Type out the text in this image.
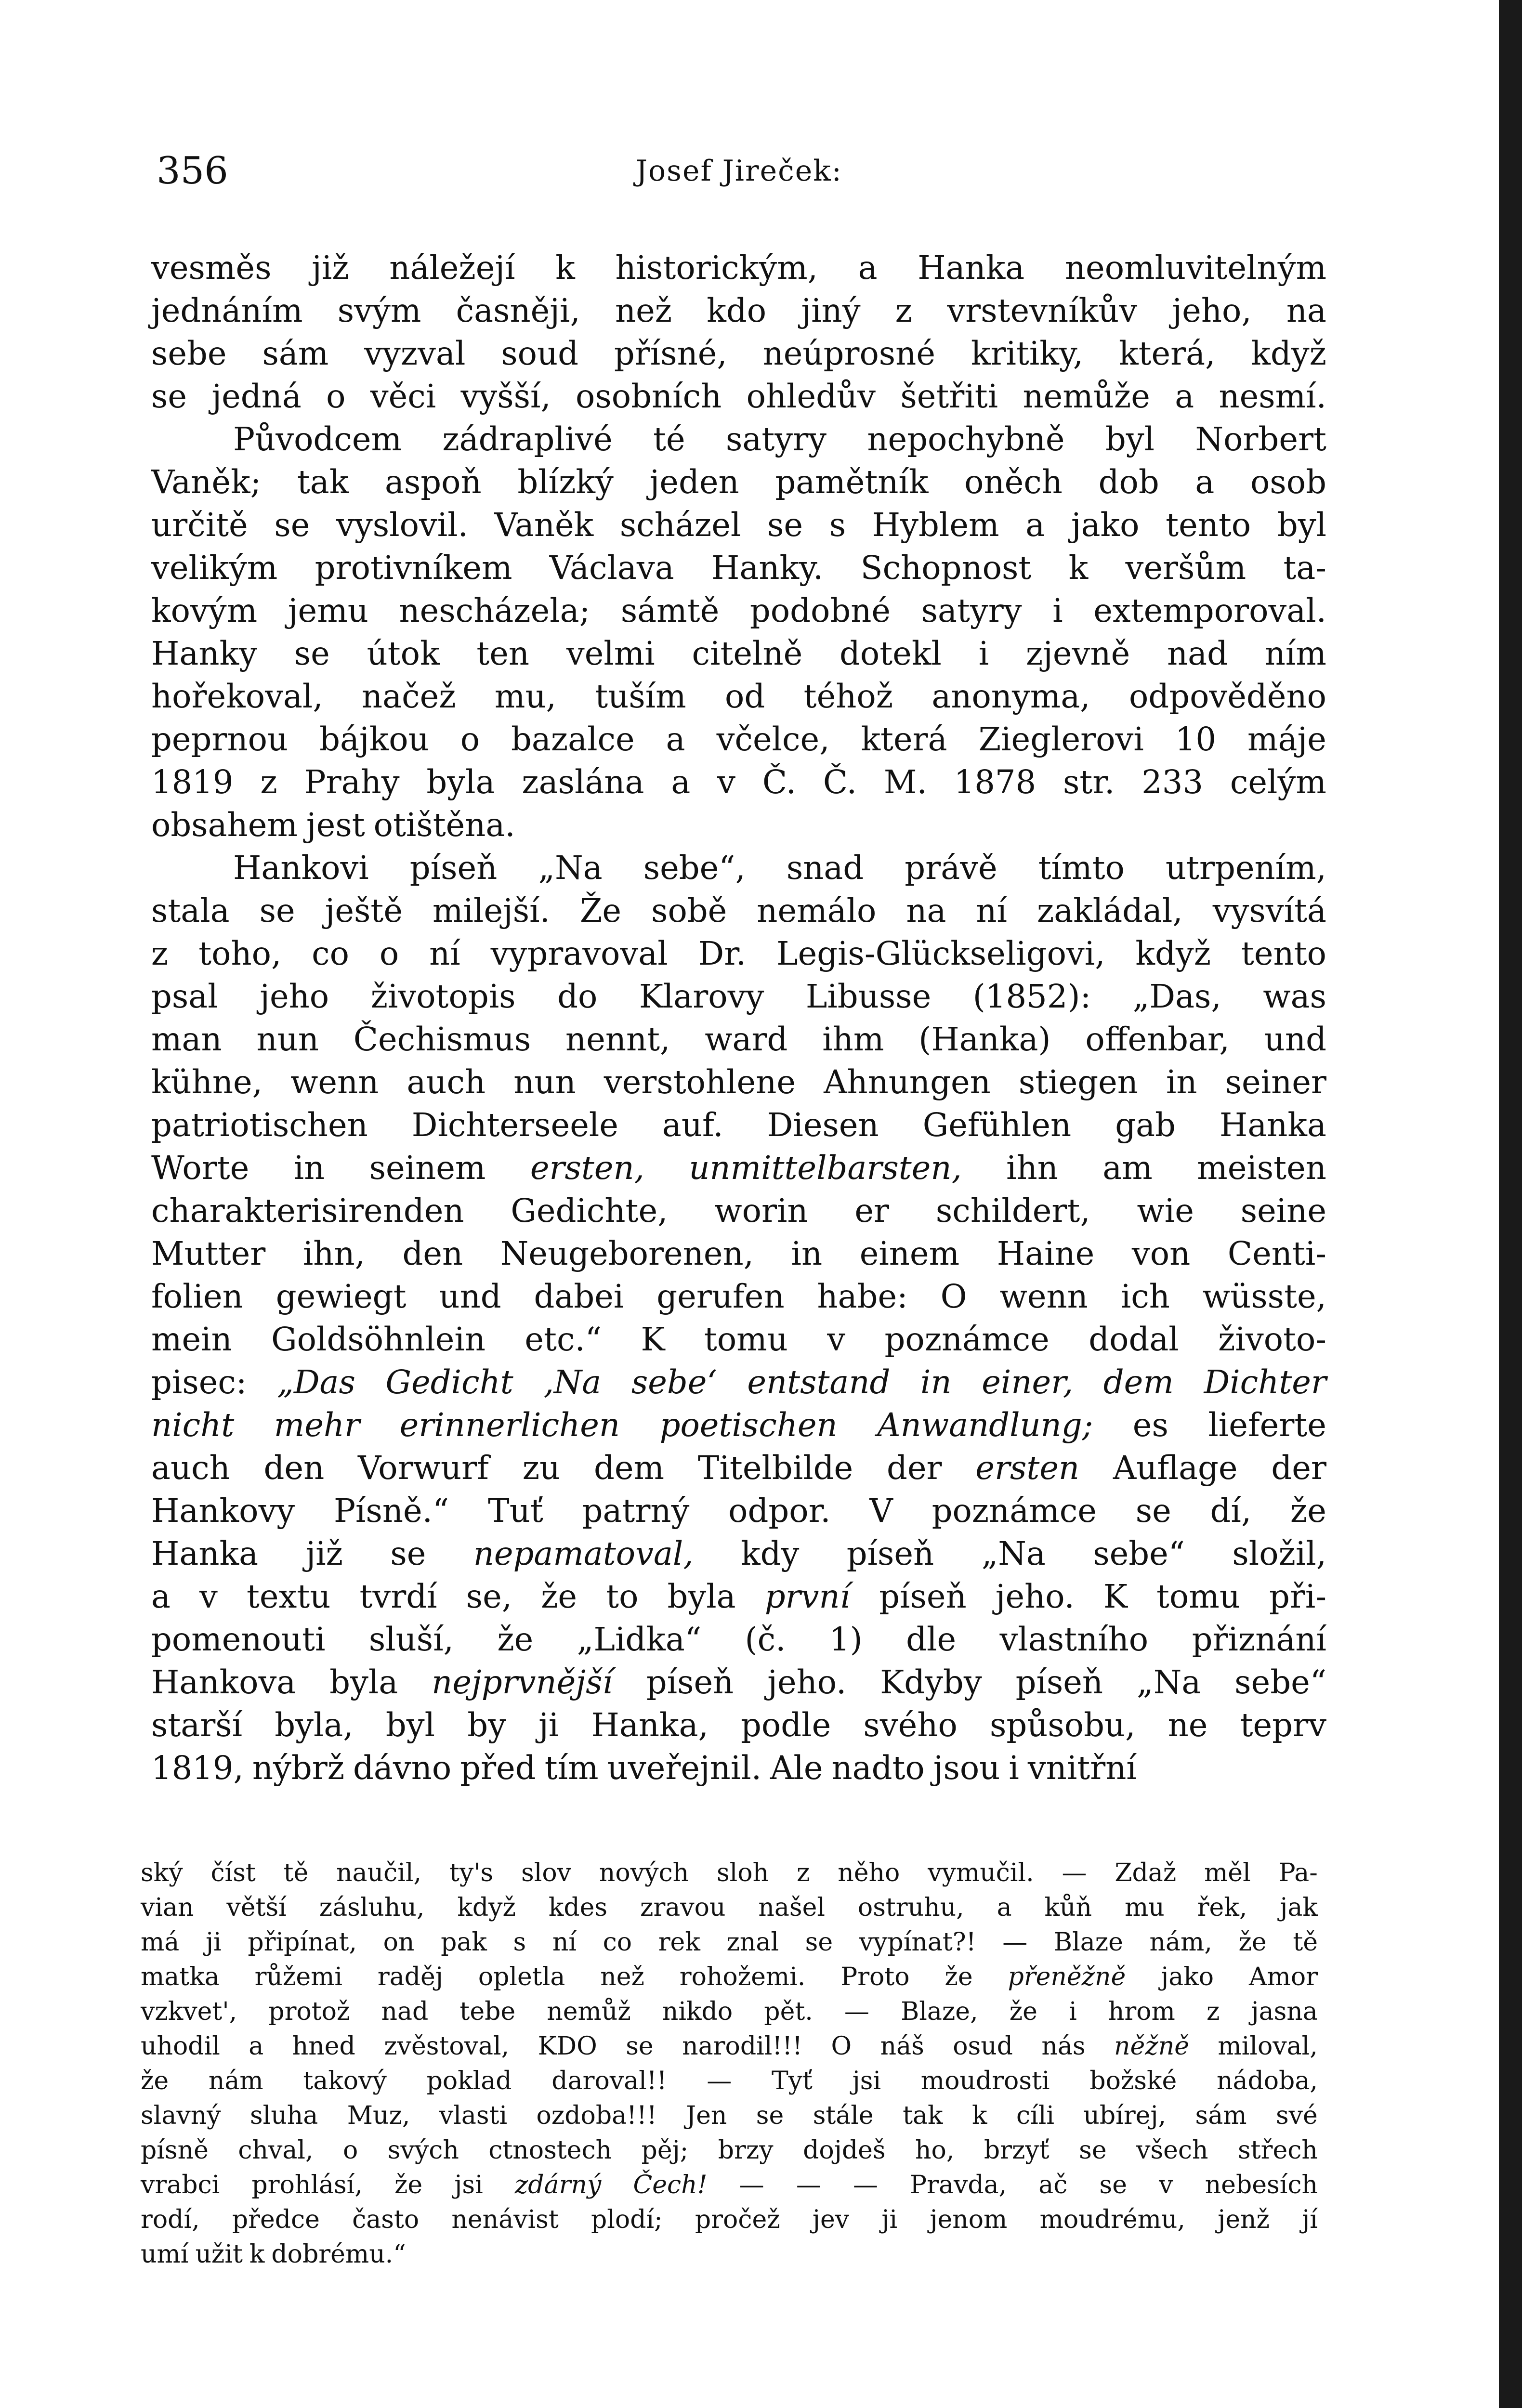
356	Josef Jireček:
vesměs již náležejí k historickým, a Hanka neomluvitelným
jednáním svým časněji, než kdo jiný z vrstevníkův jeho, na
sebe sám vyzval soud přísné, neúprosné kritiky, která, když
se jedná o věci vyšší, osobních ohledův šetřiti nemůže a nesmí.
Původcem zádraplivé té satyry nepochybně byl Norbert
Vaněk; tak aspoň blízký jeden pamětník oněch dob a osob
určitě se vyslovil. Vaněk scházel se s Hyblem a jako tento byl
velikým protivníkem Václava Hanky. Schopnost k veršům ta-
kovým jemu nescházela; sámtě podobné satyry i extemporoval.
Hanky se útok ten velmi citelně dotekl i zjevně nad ním
hořekoval, načež mu, tuším od téhož anonyma, odpověděno
peprnou bájkou o bazalce a včelce, která Zieglerovi 10 máje
1819 z Prahy byla zaslána a v Č. Č. M. 1878 str. 233 celým
obsahem jest otištěna.
Hankovi píseň „Na sebe“, snad právě tímto utrpením,
stala se ještě milejší. Že sobě nemálo na ní zakládal, vysvítá
z toho, co o ní vypravoval Dr. Legis-Glückseligovi, když tento
psal jeho životopis do Klarovy Libusse (1852): „Das, was
man nun Čechismus nennt, ward ihm (Hanka) offenbar, und
kühne, wenn auch nun verstohlene Ahnungen stiegen in seiner
patriotischen Dichterseele auf. Diesen Gefühlen gab Hanka
Worte in seinem ersten, unmittelbarsten, ihn am meisten
charakterisirenden Gedichte, worin er schildert, wie seine
Mutter ihn, den Neugeborenen, in einem Haine von Centi-
folien gewiegt und dabei gerufen habe: O wenn ich wüsste,
mein Goldsöhnlein etc.“ K tomu v poznámce dodal životo-
pisec: „Das Gedicht ‚Na sebe‘ entstand in einer, dem Dichter
nicht mehr erinnerlichen poetischen Anwandlung; es lieferte
auch den Vorwurf zu dem Titelbilde der ersten Auflage der
Hankovy Písně.“ Tuť patrný odpor. V poznámce se dí, že
Hanka již se nepamatoval, kdy píseň „Na sebe“ složil,
a v textu tvrdí se, že to byla první píseň jeho. K tomu při-
pomenouti sluší, že „Lidka“ (č. 1) dle vlastního přiznání
Hankova byla nejprvnější píseň jeho. Kdyby píseň „Na sebe“
starší byla, byl by ji Hanka, podle svého spůsobu, ne teprv
1819, nýbrž dávno před tím uveřejnil. Ale nadto jsou i vnitřní
ský číst tě naučil, ty's slov nových sloh z něho vymučil. — Zdaž měl Pa-
vian větší zásluhu, když kdes zravou našel ostruhu, a kůň mu řek, jak
má ji připínat, on pak s ní co rek znal se vypínat?! — Blaze nám, že tě
matka růžemi raděj opletla než rohožemi. Proto že přeněžně jako Amor
vzkvet', protož nad tebe nemůž nikdo pět. — Blaze, že i hrom z jasna
uhodil a hned zvěstoval, KDO se narodil!!! O náš osud nás něžně miloval,
že nám takový poklad daroval!! — Tyť jsi moudrosti božské nádoba,
slavný sluha Muz, vlasti ozdoba!!! Jen se stále tak k cíli ubírej, sám své
písně chval, o svých ctnostech pěj; brzy dojdeš ho, brzyť se všech střech
vrabci prohlásí, že jsi zdárný Čech! — — — Pravda, ač se v nebesích
rodí, předce často nenávist plodí; pročež jev ji jenom moudrému, jenž jí
umí užit k dobrému.“
